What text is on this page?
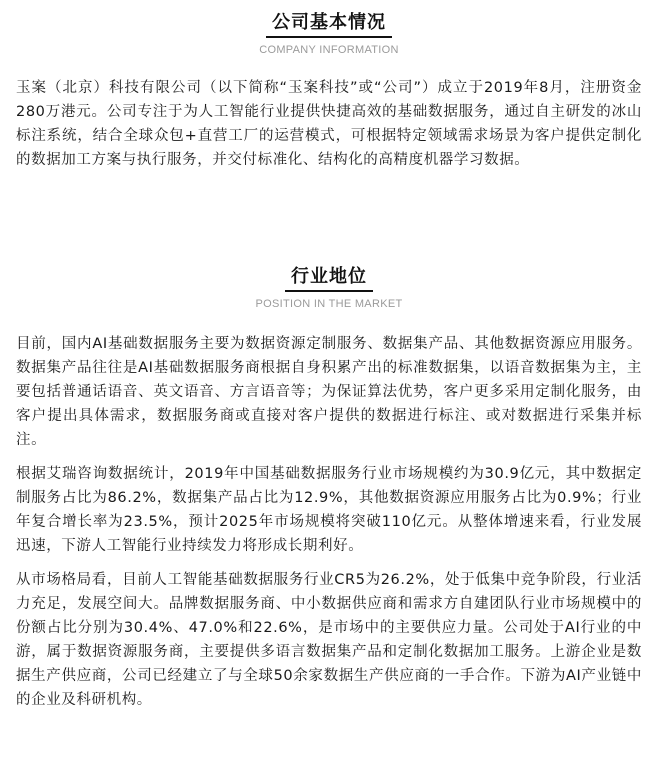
公司基本情况
COMPANY INFORMATION

玉案（北京）科技有限公司（以下简称“玉案科技”或“公司”）成立于2019年8月，注册资金280万港元。公司专注于为人工智能行业提供快捷高效的基础数据服务，通过自主研发的冰山标注系统，结合全球众包+直营工厂的运营模式，可根据特定领域需求场景为客户提供定制化的数据加工方案与执行服务，并交付标准化、结构化的高精度机器学习数据。

行业地位
POSITION IN THE MARKET

目前，国内AI基础数据服务主要为数据资源定制服务、数据集产品、其他数据资源应用服务。数据集产品往往是AI基础数据服务商根据自身积累产出的标准数据集，以语音数据集为主，主要包括普通话语音、英文语音、方言语音等；为保证算法优势，客户更多采用定制化服务，由客户提出具体需求，数据服务商或直接对客户提供的数据进行标注、或对数据进行采集并标注。

根据艾瑞咨询数据统计，2019年中国基础数据服务行业市场规模约为30.9亿元，其中数据定制服务占比为86.2%，数据集产品占比为12.9%，其他数据资源应用服务占比为0.9%；行业年复合增长率为23.5%，预计2025年市场规模将突破110亿元。从整体增速来看，行业发展迅速，下游人工智能行业持续发力将形成长期利好。

从市场格局看，目前人工智能基础数据服务行业CR5为26.2%，处于低集中竞争阶段，行业活力充足，发展空间大。品牌数据服务商、中小数据供应商和需求方自建团队行业市场规模中的份额占比分别为30.4%、47.0%和22.6%，是市场中的主要供应力量。公司处于AI行业的中游，属于数据资源服务商，主要提供多语言数据集产品和定制化数据加工服务。上游企业是数据生产供应商，公司已经建立了与全球50余家数据生产供应商的一手合作。下游为AI产业链中的企业及科研机构。
